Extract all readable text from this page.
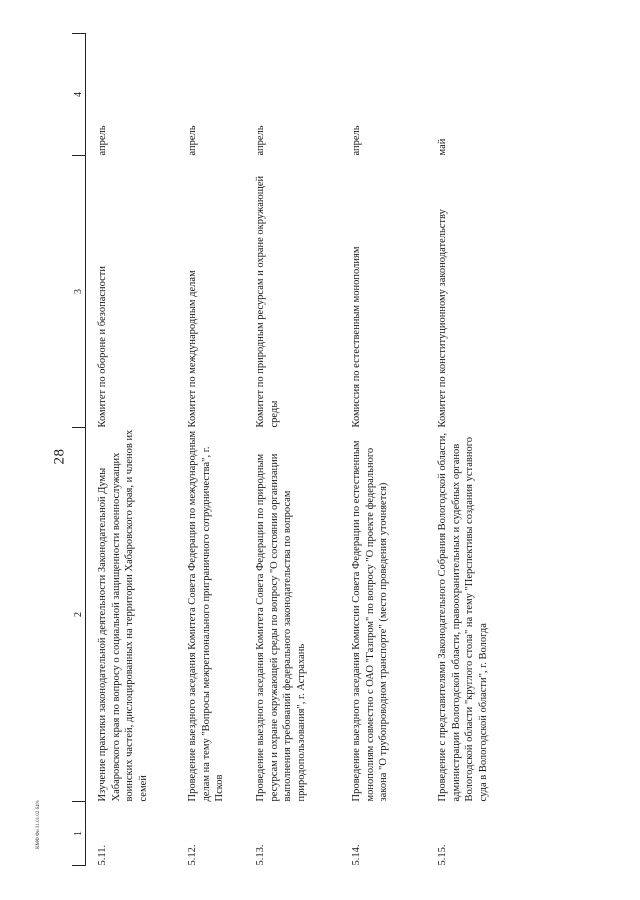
28
КМФ Фи 31.01.02 64%	1	2	3	4
5.11.	Изучение практики законодательной деятельности Законодательной Думы Хабаровского края по вопросу о социальной защищенности военнослужащих воинских частей, дислоцированных на территории Хабаровского края, и членов их семей	Комитет по обороне и безопасности	апрель
5.12.	Проведение выездного заседания Комитета Совета Федерации по международным делам на тему "Вопросы межрегионального приграничного сотрудничества", г. Псков	Комитет по международным делам	апрель
5.13.	Проведение выездного заседания Комитета Совета Федерации по природным ресурсам и охране окружающей среды по вопросу "О состоянии организации выполнения требований федерального законодательства по вопросам природопользования", г. Астрахань	Комитет по природным ресурсам и охране окружающей среды	апрель
5.14.	Проведение выездного заседания Комиссии Совета Федерации по естественным монополиям совместно с ОАО "Газпром" по вопросу "О проекте федерального закона "О трубопроводном транспорте" (место проведения уточняется)	Комиссия по естественным монополиям	апрель
5.15.	Проведение с представителями Законодательного Собрания Вологодской области, администрации Вологодской области, правоохранительных и судебных органов Вологодской области "круглого стола" на тему "Перспективы создания уставного суда в Вологодской области", г. Вологда	Комитет по конституционному законодательству	май
